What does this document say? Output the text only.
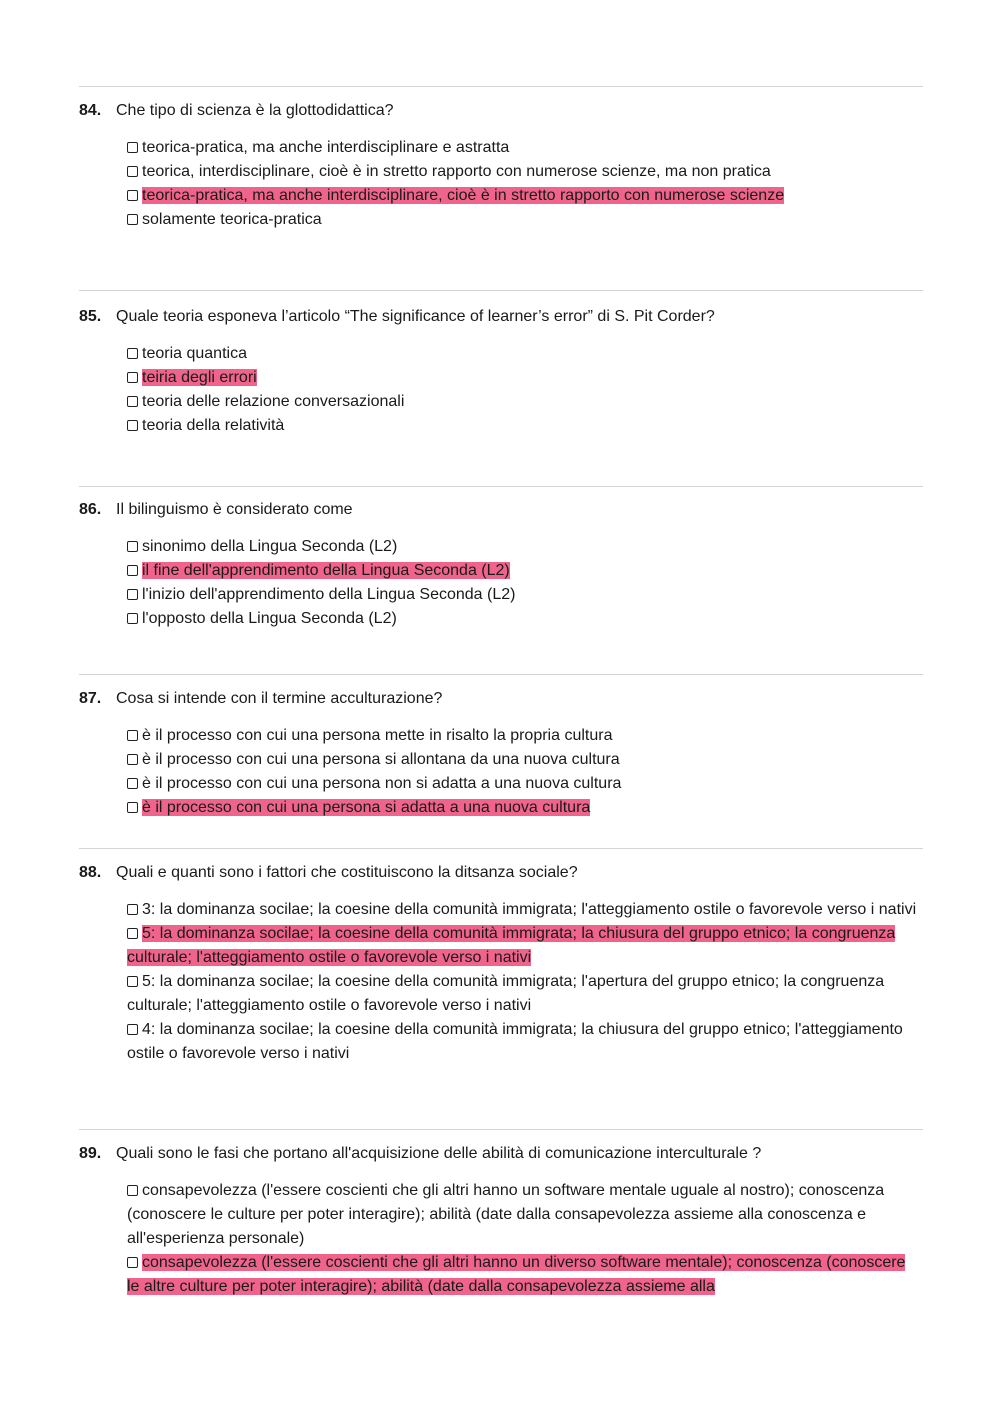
84. Che tipo di scienza è la glottodidattica?
teorica-pratica, ma anche interdisciplinare e astratta
teorica, interdisciplinare, cioè è in stretto rapporto con numerose scienze, ma non pratica
teorica-pratica, ma anche interdisciplinare, cioè è in stretto rapporto con numerose scienze
solamente teorica-pratica
85. Quale teoria esponeva l’articolo “The significance of learner’s error” di S. Pit Corder?
teoria quantica
teiria degli errori
teoria delle relazione conversazionali
teoria della relatività
86. Il bilinguismo è considerato come
sinonimo della Lingua Seconda (L2)
il fine dell'apprendimento della Lingua Seconda (L2)
l'inizio dell'apprendimento della Lingua Seconda (L2)
l'opposto della Lingua Seconda (L2)
87. Cosa si intende con il termine acculturazione?
è il processo con cui una persona mette in risalto la propria cultura
è il processo con cui una persona si allontana da una nuova cultura
è il processo con cui una persona non si adatta a una nuova cultura
è il processo con cui una persona si adatta a una nuova cultura
88. Quali e quanti sono i fattori che costituiscono la ditsanza sociale?
3: la dominanza socilae; la coesine della comunità immigrata; l'atteggiamento ostile o favorevole verso i nativi
5: la dominanza socilae; la coesine della comunità immigrata; la chiusura del gruppo etnico; la congruenza culturale; l'atteggiamento ostile o favorevole verso i nativi
5: la dominanza socilae; la coesine della comunità immigrata; l'apertura del gruppo etnico; la congruenza culturale; l'atteggiamento ostile o favorevole verso i nativi
4: la dominanza socilae; la coesine della comunità immigrata; la chiusura del gruppo etnico; l'atteggiamento ostile o favorevole verso i nativi
89. Quali sono le fasi che portano all'acquisizione delle abilità di comunicazione interculturale ?
consapevolezza (l'essere coscienti che gli altri hanno un software mentale uguale al nostro); conoscenza (conoscere le culture per poter interagire); abilità (date dalla consapevolezza assieme alla conoscenza e all'esperienza personale)
consapevolezza (l'essere coscienti che gli altri hanno un diverso software mentale); conoscenza (conoscere le altre culture per poter interagire); abilità (date dalla consapevolezza assieme alla
